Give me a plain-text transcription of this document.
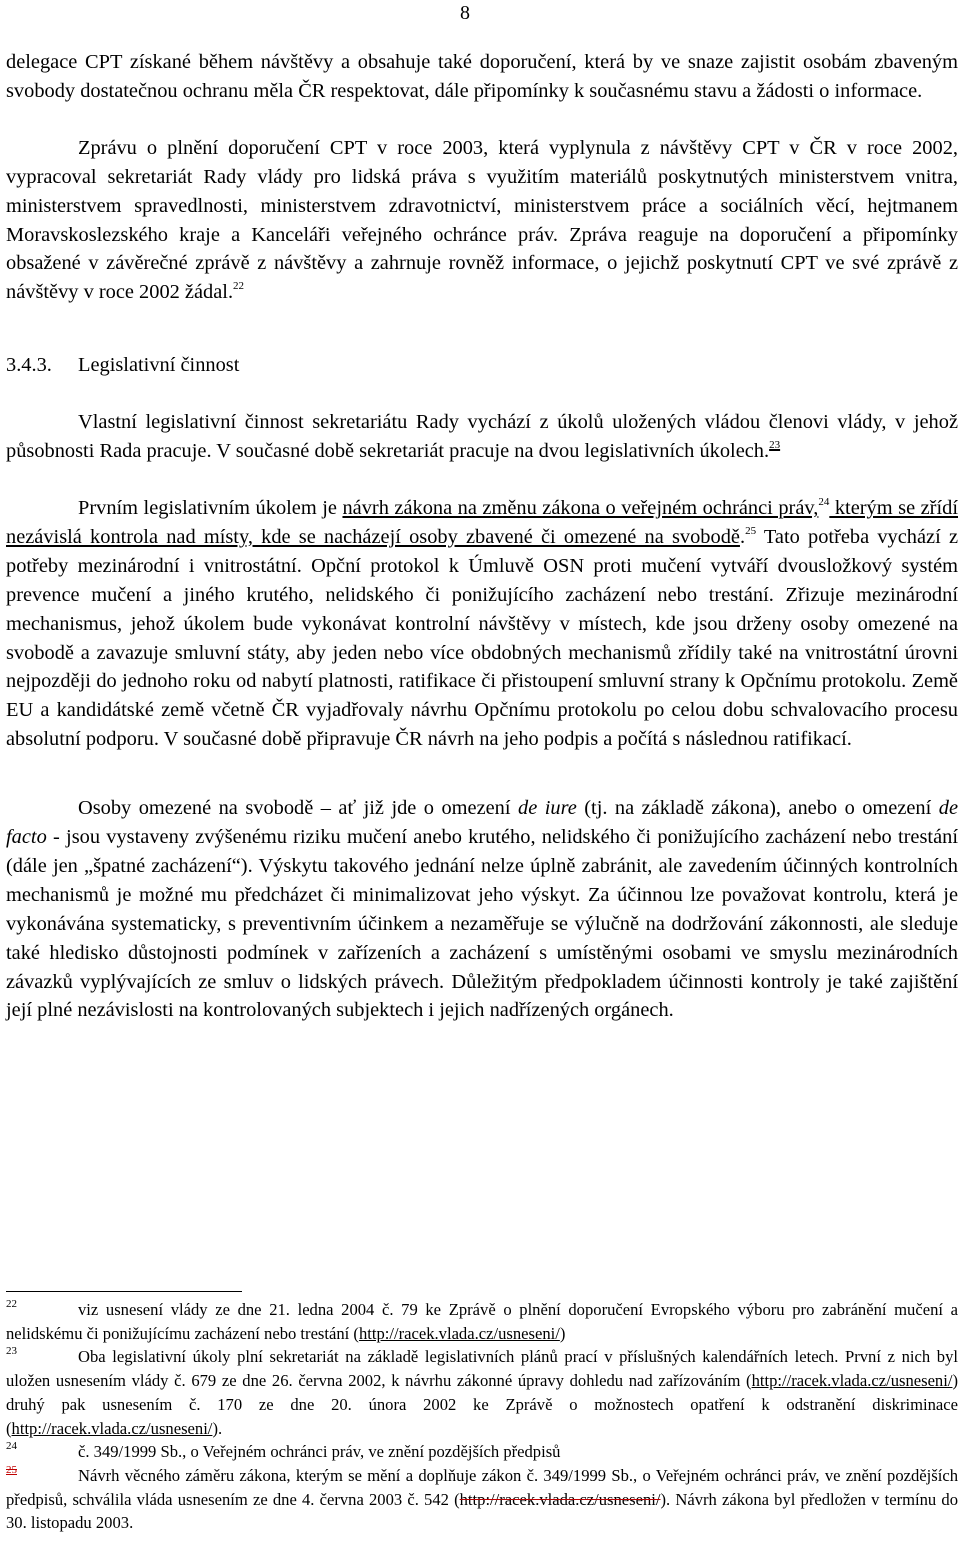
8

delegace CPT získané během návštěvy a obsahuje také doporučení, která by ve snaze zajistit osobám zbaveným svobody dostatečnou ochranu měla ČR respektovat, dále připomínky k současnému stavu a žádosti o informace.

Zprávu o plnění doporučení CPT v roce 2003, která vyplynula z návštěvy CPT v ČR v roce 2002, vypracoval sekretariát Rady vlády pro lidská práva s využitím materiálů poskytnutých ministerstvem vnitra, ministerstvem spravedlnosti, ministerstvem zdravotnictví, ministerstvem práce a sociálních věcí, hejtmanem Moravskoslezského kraje a Kanceláři veřejného ochránce práv. Zpráva reaguje na doporučení a připomínky obsažené v závěrečné zprávě z návštěvy a zahrnuje rovněž informace, o jejichž poskytnutí CPT ve své zprávě z návštěvy v roce 2002 žádal.$^{22}$

3.4.3. Legislativní činnost

Vlastní legislativní činnost sekretariátu Rady vychází z úkolů uložených vládou členovi vlády, v jehož působnosti Rada pracuje. V současné době sekretariát pracuje na dvou legislativních úkolech.$^{23}$

Prvním legislativním úkolem je návrh zákona na změnu zákona o veřejném ochránci práv,$^{24}$ kterým se zřídí nezávislá kontrola nad místy, kde se nacházejí osoby zbavené či omezené na svobodě.$^{25}$ Tato potřeba vychází z potřeby mezinárodní i vnitrostátní. Opční protokol k Úmluvě OSN proti mučení vytváří dvousložkový systém prevence mučení a jiného krutého, nelidského či ponižujícího zacházení nebo trestání. Zřizuje mezinárodní mechanismus, jehož úkolem bude vykonávat kontrolní návštěvy v místech, kde jsou drženy osoby omezené na svobodě a zavazuje smluvní státy, aby jeden nebo více obdobných mechanismů zřídily také na vnitrostátní úrovni nejpozději do jednoho roku od nabytí platnosti, ratifikace či přistoupení smluvní strany k Opčnímu protokolu. Země EU a kandidátské země včetně ČR vyjadřovaly návrhu Opčnímu protokolu po celou dobu schvalovacího procesu absolutní podporu. V současné době připravuje ČR návrh na jeho podpis a počítá s následnou ratifikací.

Osoby omezené na svobodě – ať již jde o omezení de iure (tj. na základě zákona), anebo o omezení de facto - jsou vystaveny zvýšenému riziku mučení anebo krutého, nelidského či ponižujícího zacházení nebo trestání (dále jen „špatné zacházení“). Výskytu takového jednání nelze úplně zabránit, ale zavedením účinných kontrolních mechanismů je možné mu předcházet či minimalizovat jeho výskyt. Za účinnou lze považovat kontrolu, která je vykonávána systematicky, s preventivním účinkem a nezaměřuje se výlučně na dodržování zákonnosti, ale sleduje také hledisko důstojnosti podmínek v zařízeních a zacházení s umístěnými osobami ve smyslu mezinárodních závazků vyplývajících ze smluv o lidských právech. Důležitým předpokladem účinnosti kontroly je také zajištění její plné nezávislosti na kontrolovaných subjektech i jejich nadřízených orgánech.

22	viz usnesení vlády ze dne 21. ledna 2004 č. 79 ke Zprávě o plnění doporučení Evropského výboru pro zabránění mučení a nelidskému či ponižujícímu zacházení nebo trestání (http://racek.vlada.cz/usneseni/)

23	Oba legislativní úkoly plní sekretariát na základě legislativních plánů prací v příslušných kalendářních letech. První z nich byl uložen usnesením vlády č. 679 ze dne 26. června 2002, k návrhu zákonné úpravy dohledu nad zařízováním (http://racek.vlada.cz/usneseni/) druhý pak usnesením č. 170 ze dne 20. února 2002 ke Zprávě o možnostech opatření k odstranění diskriminace (http://racek.vlada.cz/usneseni/).

24	č. 349/1999 Sb., o Veřejném ochránci práv, ve znění pozdějších předpisů

25	Návrh věcného záměru zákona, kterým se mění a doplňuje zákon č. 349/1999 Sb., o Veřejném ochránci práv, ve znění pozdějších předpisů, schválila vláda usnesením ze dne 4. června 2003 č. 542 (http://racek.vlada.cz/usneseni/). Návrh zákona byl předložen v termínu do 30. listopadu 2003.
